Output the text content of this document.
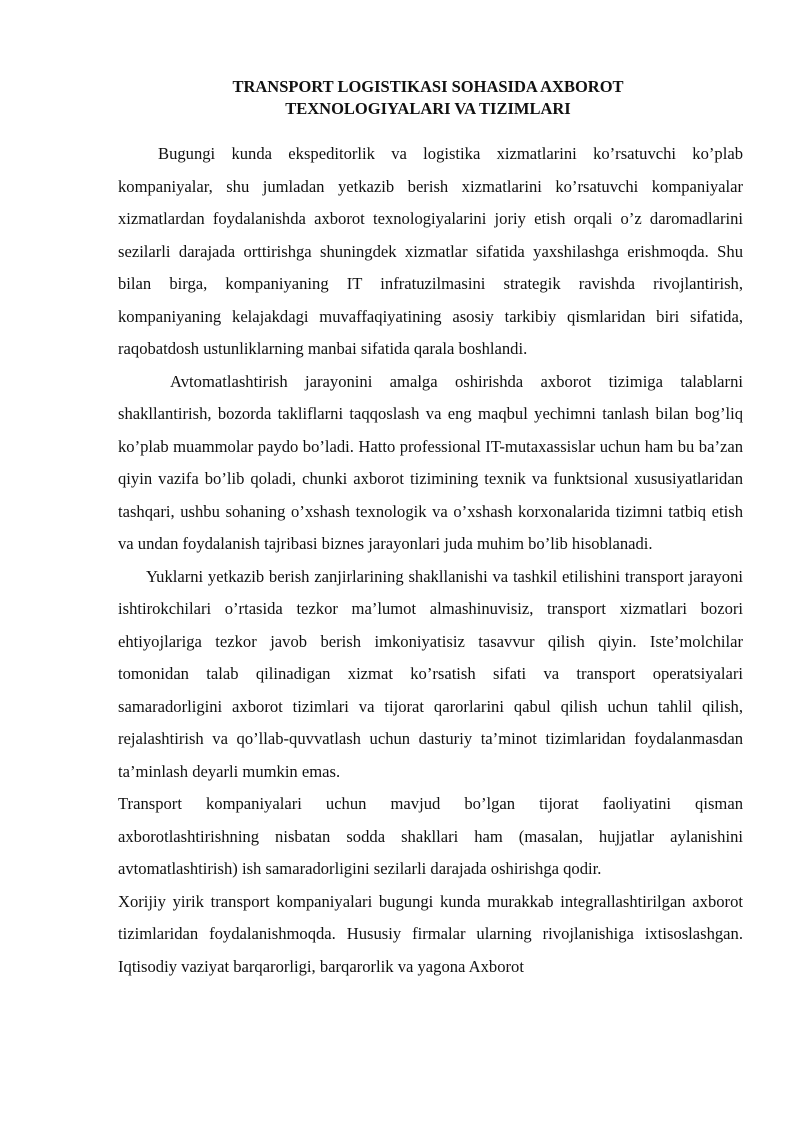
TRANSPORT LOGISTIKASI SOHASIDA AXBOROT
TEXNOLOGIYALARI VA TIZIMLARI

Bugungi kunda ekspeditorlik va logistika xizmatlarini ko’rsatuvchi ko’plab kompaniyalar, shu jumladan yetkazib berish xizmatlarini ko’rsatuvchi kompaniyalar xizmatlardan foydalanishda axborot texnologiyalarini joriy etish orqali o’z daromadlarini sezilarli darajada orttirishga shuningdek xizmatlar sifatida yaxshilashga erishmoqda. Shu bilan birga, kompaniyaning IT infratuzilmasini strategik ravishda rivojlantirish, kompaniyaning kelajakdagi muvaffaqiyatining asosiy tarkibiy qismlaridan biri sifatida, raqobatdosh ustunliklarning manbai sifatida qarala boshlandi.

Avtomatlashtirish jarayonini amalga oshirishda axborot tizimiga talablarni shakllantirish, bozorda takliflarni taqqoslash va eng maqbul yechimni tanlash bilan bog’liq ko’plab muammolar paydo bo’ladi. Hatto professional IT-mutaxassislar uchun ham bu ba’zan qiyin vazifa bo’lib qoladi, chunki axborot tizimining texnik va funktsional xususiyatlaridan tashqari, ushbu sohaning o’xshash texnologik va o’xshash korxonalarida tizimni tatbiq etish va undan foydalanish tajribasi biznes jarayonlari juda muhim bo’lib hisoblanadi.

Yuklarni yetkazib berish zanjirlarining shakllanishi va tashkil etilishini transport jarayoni ishtirokchilari o’rtasida tezkor ma’lumot almashinuvisiz, transport xizmatlari bozori ehtiyojlariga tezkor javob berish imkoniyatisiz tasavvur qilish qiyin. Iste’molchilar tomonidan talab qilinadigan xizmat ko’rsatish sifati va transport operatsiyalari samaradorligini axborot tizimlari va tijorat qarorlarini qabul qilish uchun tahlil qilish, rejalashtirish va qo’llab-quvvatlash uchun dasturiy ta’minot tizimlaridan foydalanmasdan ta’minlash deyarli mumkin emas.

Transport kompaniyalari uchun mavjud bo’lgan tijorat faoliyatini qisman axborotlashtirishning nisbatan sodda shakllari ham (masalan, hujjatlar aylanishini avtomatlashtirish) ish samaradorligini sezilarli darajada oshirishga qodir.

Xorijiy yirik transport kompaniyalari bugungi kunda murakkab integrallashtirilgan axborot tizimlaridan foydalanishmoqda. Hususiy firmalar ularning rivojlanishiga ixtisoslashgan. Iqtisodiy vaziyat barqarorligi, barqarorlik va yagona Axborot
